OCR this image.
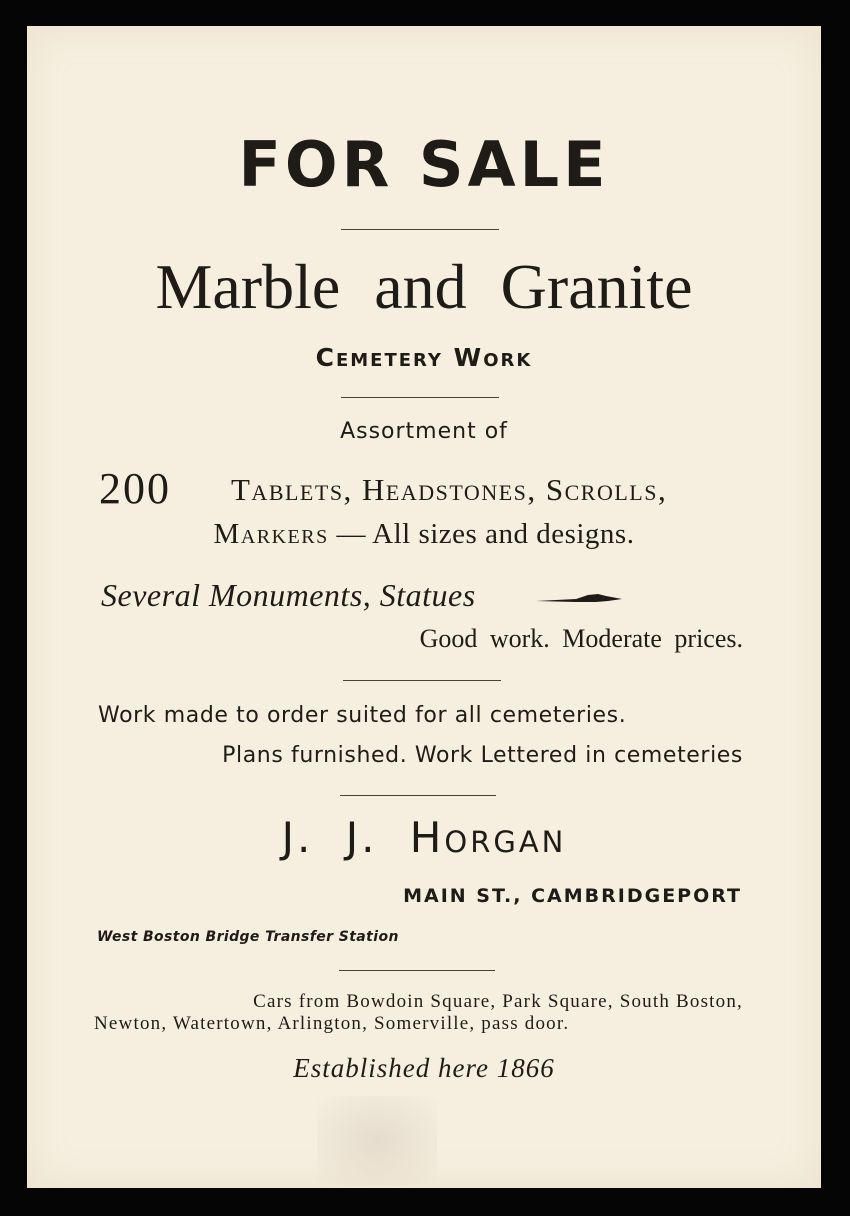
FOR SALE
Marble and Granite
Cemetery Work
Assortment of
200 Tablets, Headstones, Scrolls,
Markers — All sizes and designs.
Several Monuments, Statues
Good work. Moderate prices.
Work made to order suited for all cemeteries.
Plans furnished. Work Lettered in cemeteries
J. J. Horgan
MAIN ST., CAMBRIDGEPORT
West Boston Bridge Transfer Station
Cars from Bowdoin Square, Park Square, South Boston,
Newton, Watertown, Arlington, Somerville, pass door.
Established here 1866
